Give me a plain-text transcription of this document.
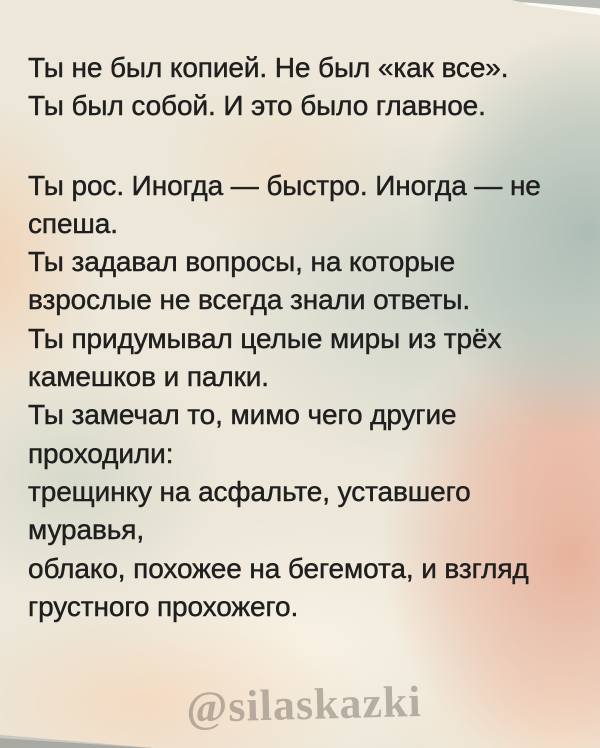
Ты не был копией. Не был «как все».
Ты был собой. И это было главное.
Ты рос. Иногда — быстро. Иногда — не
спеша.
Ты задавал вопросы, на которые
взрослые не всегда знали ответы.
Ты придумывал целые миры из трёх
камешков и палки.
Ты замечал то, мимо чего другие
проходили:
трещинку на асфальте, уставшего
муравья,
облако, похожее на бегемота, и взгляд
грустного прохожего.
@silaskazki
